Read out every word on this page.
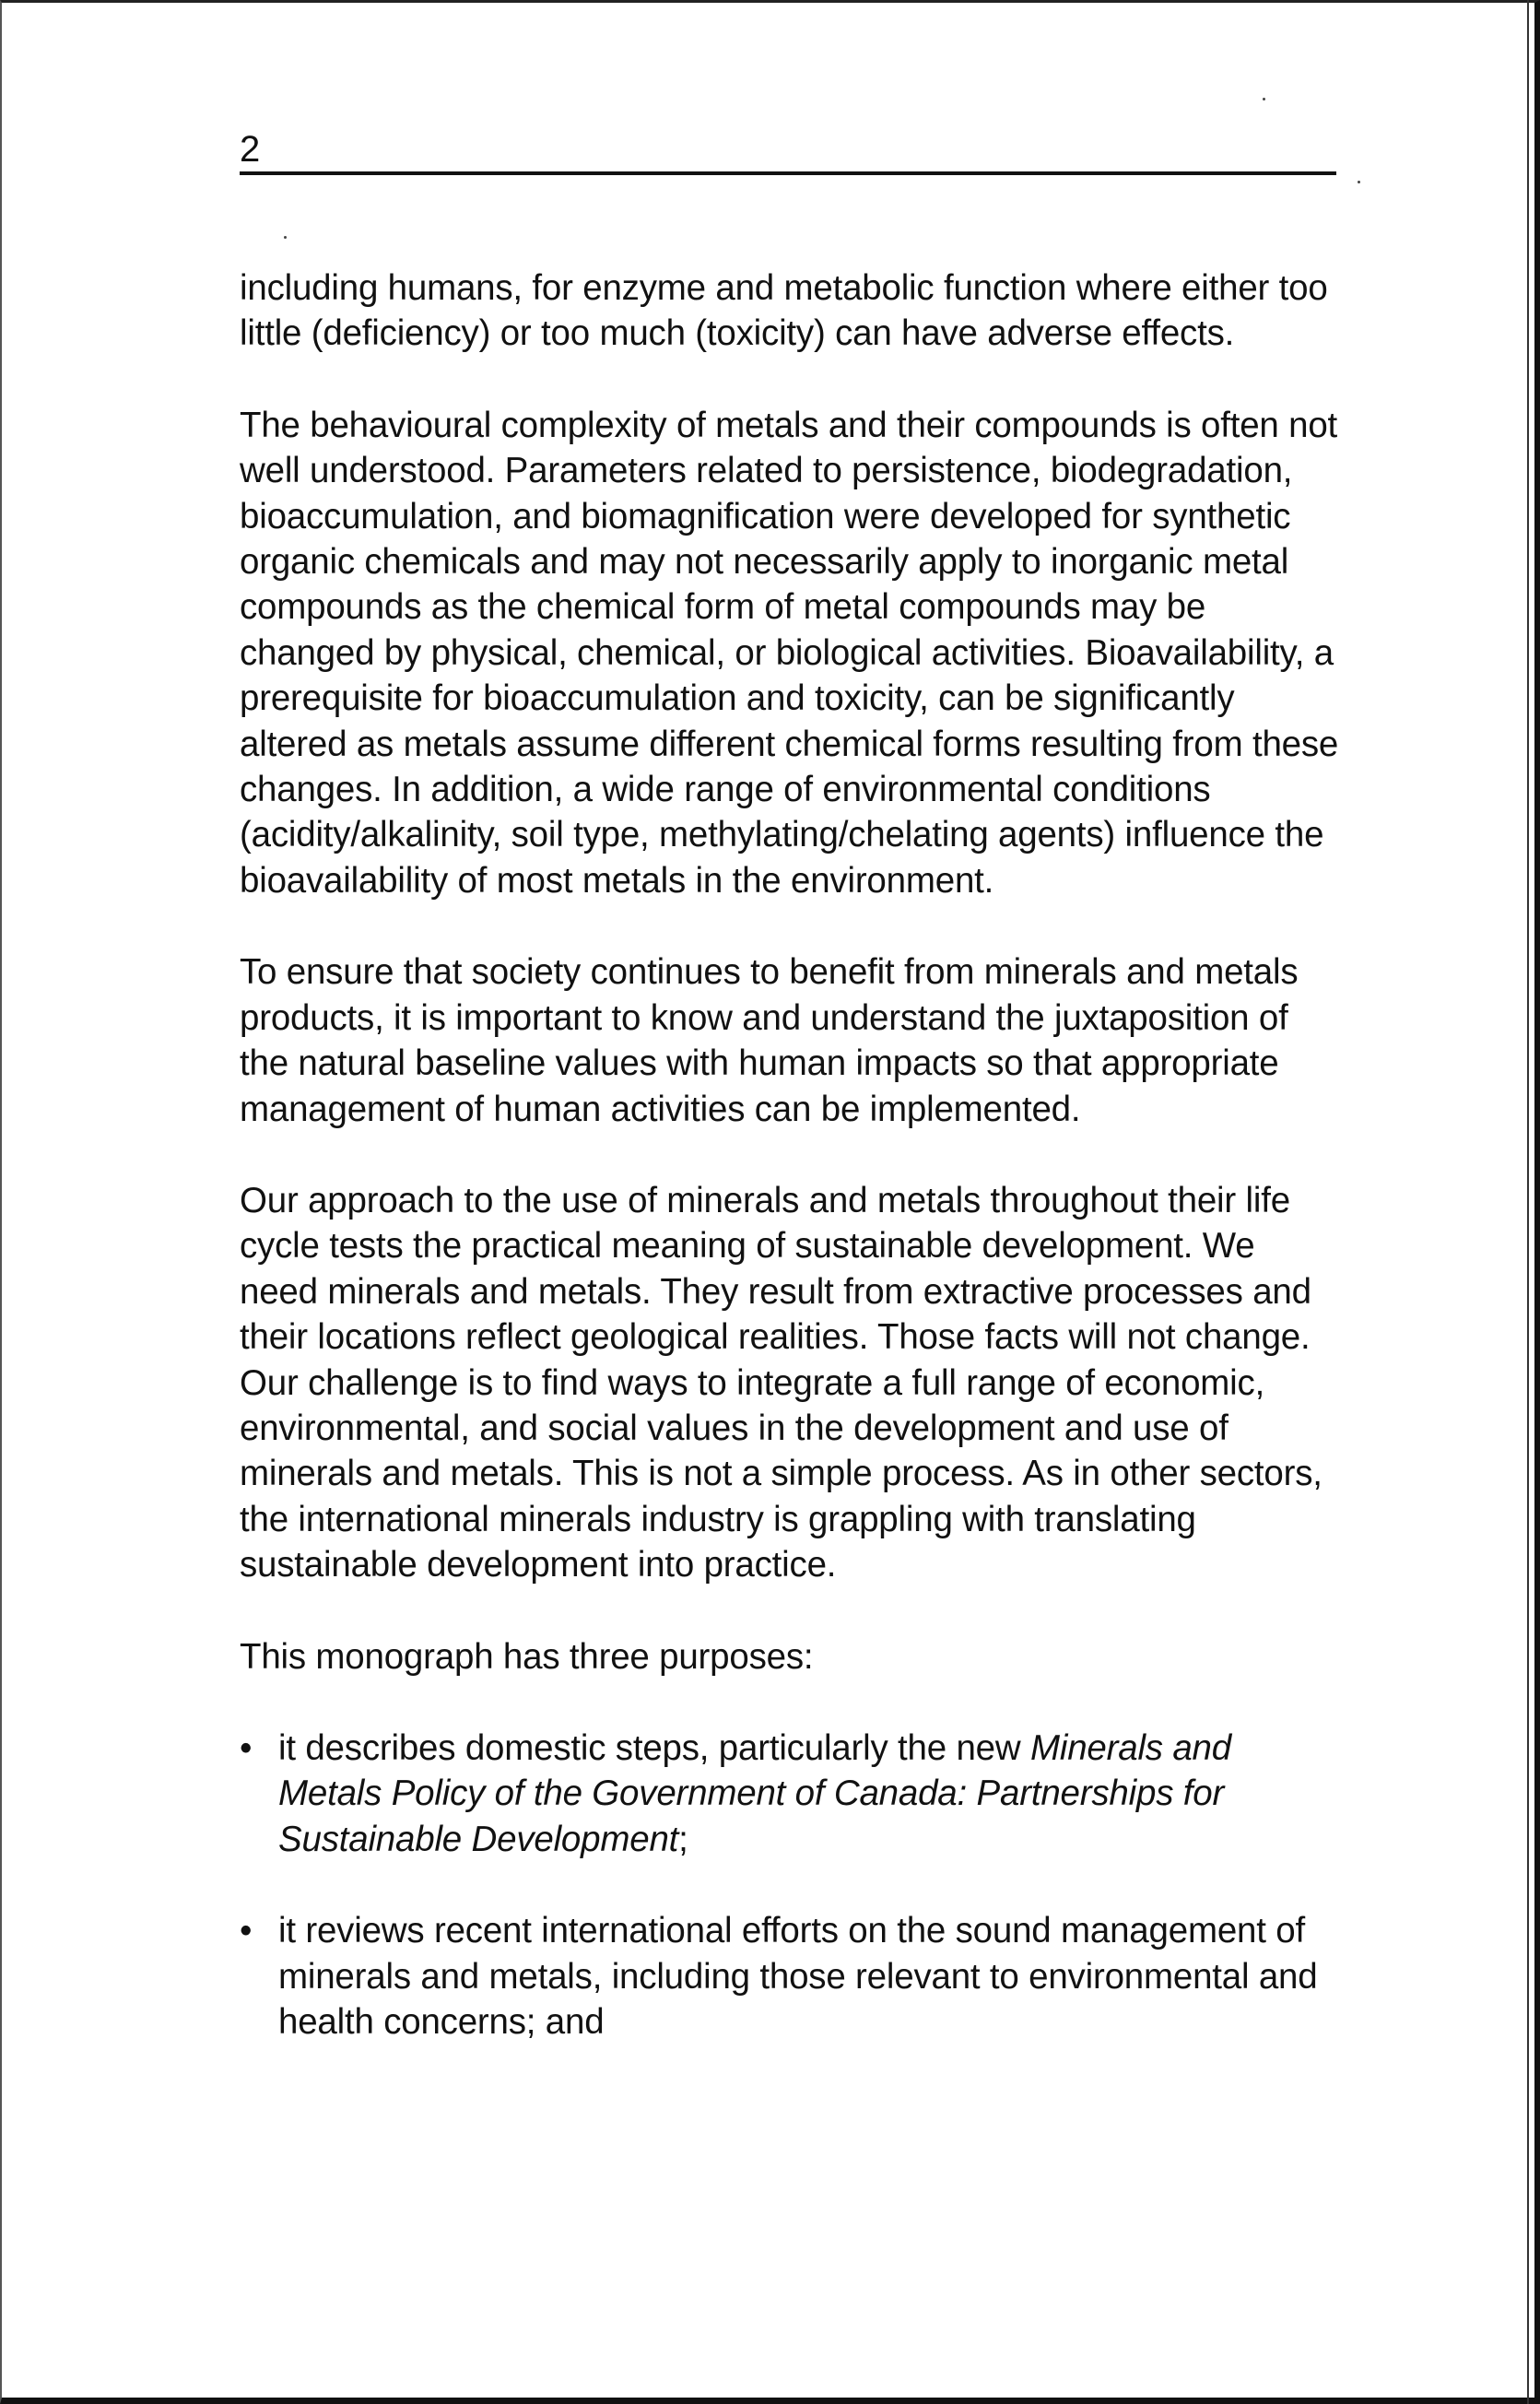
2

including humans, for enzyme and metabolic function where either too little (deficiency) or too much (toxicity) can have adverse effects.

The behavioural complexity of metals and their compounds is often not well understood. Parameters related to persistence, biodegradation, bioaccumulation, and biomagnification were developed for synthetic organic chemicals and may not necessarily apply to inorganic metal compounds as the chemical form of metal compounds may be changed by physical, chemical, or biological activities. Bioavailability, a prerequisite for bioaccumulation and toxicity, can be significantly altered as metals assume different chemical forms resulting from these changes. In addition, a wide range of environmental conditions (acidity/alkalinity, soil type, methylating/chelating agents) influence the bioavailability of most metals in the environment.

To ensure that society continues to benefit from minerals and metals products, it is important to know and understand the juxtaposition of the natural baseline values with human impacts so that appropriate management of human activities can be implemented.

Our approach to the use of minerals and metals throughout their life cycle tests the practical meaning of sustainable development. We need minerals and metals. They result from extractive processes and their locations reflect geological realities. Those facts will not change. Our challenge is to find ways to integrate a full range of economic, environmental, and social values in the development and use of minerals and metals. This is not a simple process. As in other sectors, the international minerals industry is grappling with translating sustainable development into practice.

This monograph has three purposes:

• it describes domestic steps, particularly the new Minerals and Metals Policy of the Government of Canada: Partnerships for Sustainable Development;
• it reviews recent international efforts on the sound management of minerals and metals, including those relevant to environmental and health concerns; and
